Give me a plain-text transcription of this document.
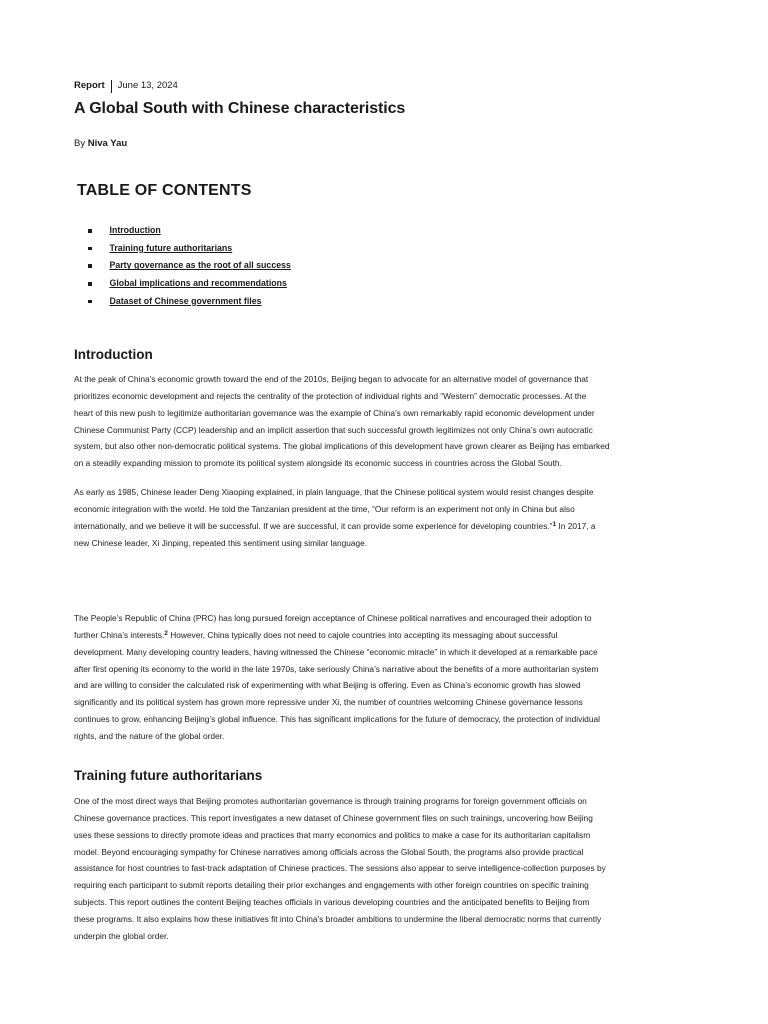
Report June 13, 2024
A Global South with Chinese characteristics
By Niva Yau
TABLE OF CONTENTS
Introduction
Training future authoritarians
Party governance as the root of all success
Global implications and recommendations
Dataset of Chinese government files
Introduction

At the peak of China’s economic growth toward the end of the 2010s, Beijing began to advocate for an alternative model of governance that
prioritizes economic development and rejects the centrality of the protection of individual rights and “Western” democratic processes. At the
heart of this new push to legitimize authoritarian governance was the example of China’s own remarkably rapid economic development under
Chinese Communist Party (CCP) leadership and an implicit assertion that such successful growth legitimizes not only China’s own autocratic
system, but also other non-democratic political systems. The global implications of this development have grown clearer as Beijing has embarked
on a steadily expanding mission to promote its political system alongside its economic success in countries across the Global South.

As early as 1985, Chinese leader Deng Xiaoping explained, in plain language, that the Chinese political system would resist changes despite
economic integration with the world. He told the Tanzanian president at the time, “Our reform is an experiment not only in China but also
internationally, and we believe it will be successful. If we are successful, it can provide some experience for developing countries.”$^1$ In 2017, a
new Chinese leader, Xi Jinping, repeated this sentiment using similar language.

The People’s Republic of China (PRC) has long pursued foreign acceptance of Chinese political narratives and encouraged their adoption to
further China’s interests.$^2$ However, China typically does not need to cajole countries into accepting its messaging about successful
development. Many developing country leaders, having witnessed the Chinese “economic miracle” in which it developed at a remarkable pace
after first opening its economy to the world in the late 1970s, take seriously China’s narrative about the benefits of a more authoritarian system
and are willing to consider the calculated risk of experimenting with what Beijing is offering. Even as China’s economic growth has slowed
significantly and its political system has grown more repressive under Xi, the number of countries welcoming Chinese governance lessons
continues to grow, enhancing Beijing’s global influence. This has significant implications for the future of democracy, the protection of individual
rights, and the nature of the global order.

Training future authoritarians

One of the most direct ways that Beijing promotes authoritarian governance is through training programs for foreign government officials on
Chinese governance practices. This report investigates a new dataset of Chinese government files on such trainings, uncovering how Beijing
uses these sessions to directly promote ideas and practices that marry economics and politics to make a case for its authoritarian capitalism
model. Beyond encouraging sympathy for Chinese narratives among officials across the Global South, the programs also provide practical
assistance for host countries to fast-track adaptation of Chinese practices. The sessions also appear to serve intelligence-collection purposes by
requiring each participant to submit reports detailing their prior exchanges and engagements with other foreign countries on specific training
subjects. This report outlines the content Beijing teaches officials in various developing countries and the anticipated benefits to Beijing from
these programs. It also explains how these initiatives fit into China’s broader ambitions to undermine the liberal democratic norms that currently
underpin the global order.
